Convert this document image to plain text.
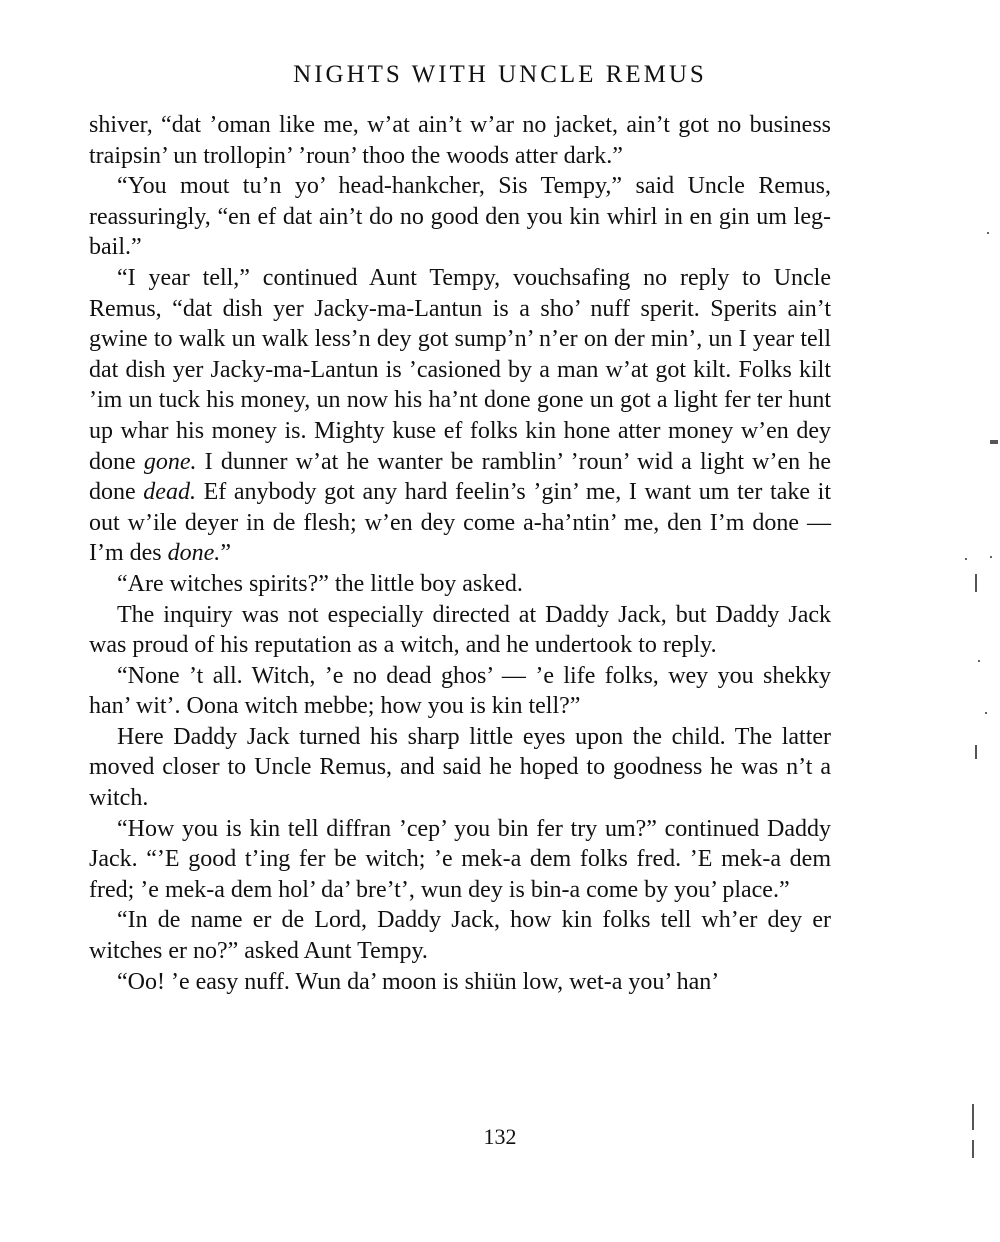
NIGHTS WITH UNCLE REMUS

shiver, “dat ’oman like me, w’at ain’t w’ar no jacket, ain’t got no business traipsin’ un trollopin’ ’roun’ thoo the woods atter dark.”

“You mout tu’n yo’ head-hankcher, Sis Tempy,” said Uncle Remus, reassuringly, “en ef dat ain’t do no good den you kin whirl in en gin um leg-bail.”

“I year tell,” continued Aunt Tempy, vouchsafing no reply to Uncle Remus, “dat dish yer Jacky-ma-Lantun is a sho’ nuff sperit. Sperits ain’t gwine to walk un walk less’n dey got sump’n’ n’er on der min’, un I year tell dat dish yer Jacky-ma-Lantun is ’casioned by a man w’at got kilt. Folks kilt ’im un tuck his money, un now his ha’nt done gone un got a light fer ter hunt up whar his money is. Mighty kuse ef folks kin hone atter money w’en dey done gone. I dunner w’at he wanter be ramblin’ ’roun’ wid a light w’en he done dead. Ef anybody got any hard feelin’s ’gin’ me, I want um ter take it out w’ile deyer in de flesh; w’en dey come a-ha’ntin’ me, den I’m done — I’m des done.”

“Are witches spirits?” the little boy asked.

The inquiry was not especially directed at Daddy Jack, but Daddy Jack was proud of his reputation as a witch, and he undertook to reply.

“None ’t all. Witch, ’e no dead ghos’ — ’e life folks, wey you shekky han’ wit’. Oona witch mebbe; how you is kin tell?”

Here Daddy Jack turned his sharp little eyes upon the child. The latter moved closer to Uncle Remus, and said he hoped to goodness he was n’t a witch.

“How you is kin tell diffran ’cep’ you bin fer try um?” continued Daddy Jack. “’E good t’ing fer be witch; ’e mek-a dem folks fred. ’E mek-a dem fred; ’e mek-a dem hol’ da’ bre’t’, wun dey is bin-a come by you’ place.”

“In de name er de Lord, Daddy Jack, how kin folks tell wh’er dey er witches er no?” asked Aunt Tempy.

“Oo! ’e easy nuff. Wun da’ moon is shiün low, wet-a you’ han’

132
